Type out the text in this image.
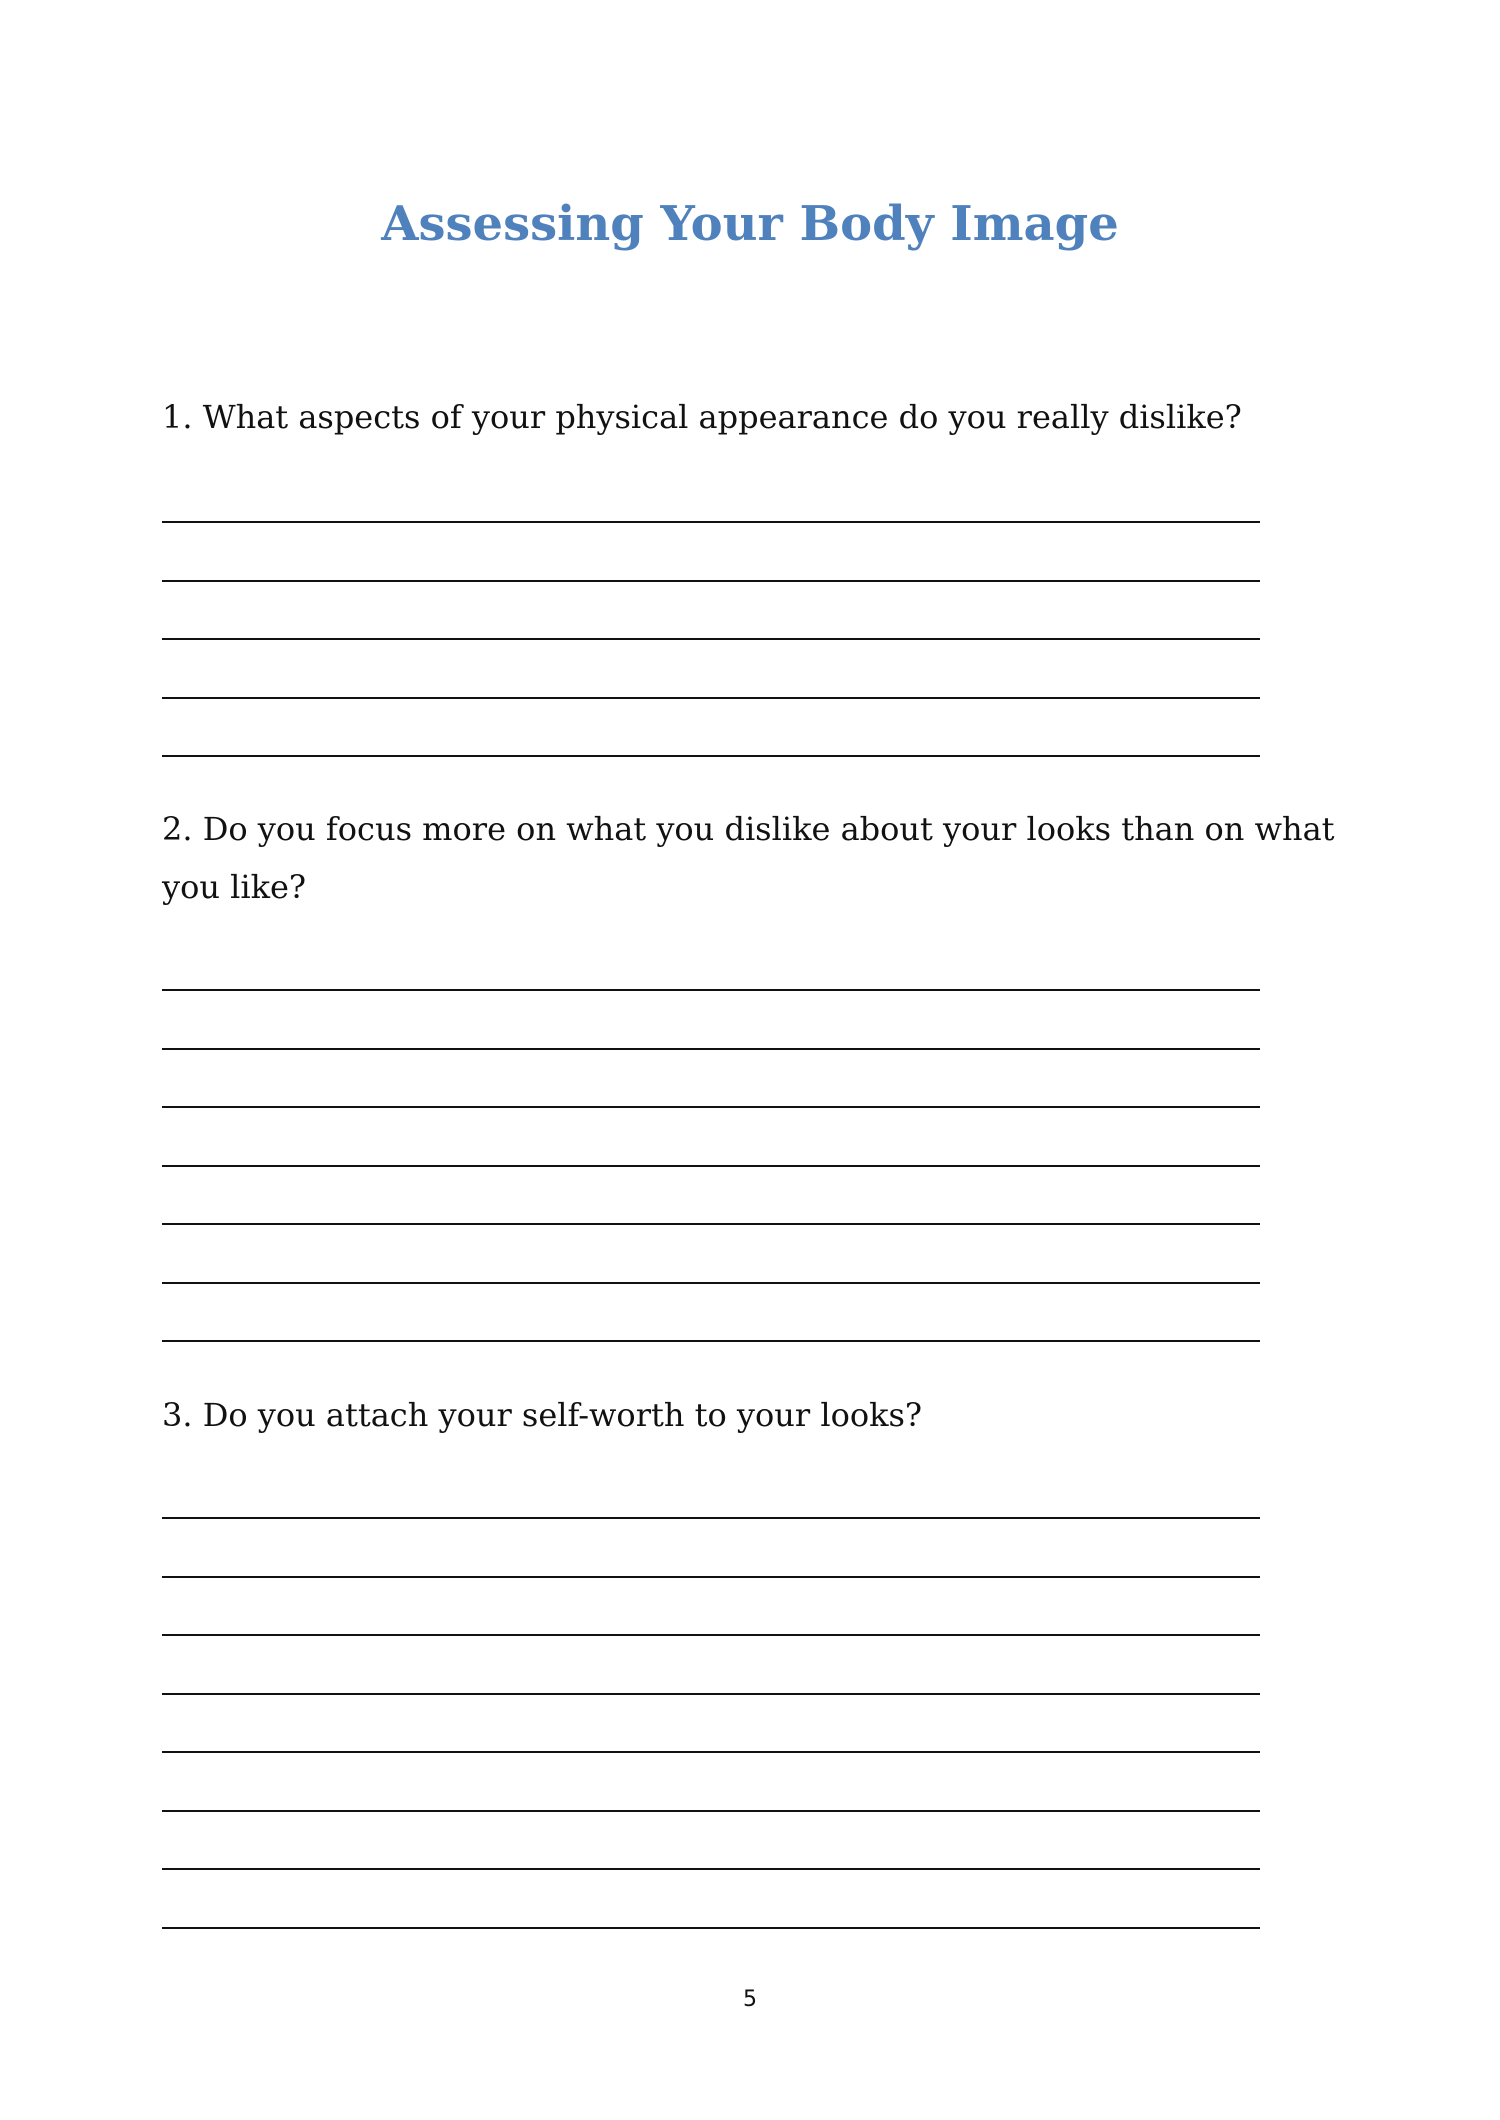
Assessing Your Body Image

1. What aspects of your physical appearance do you really dislike?

2. Do you focus more on what you dislike about your looks than on what you like?

3. Do you attach your self-worth to your looks?

5
